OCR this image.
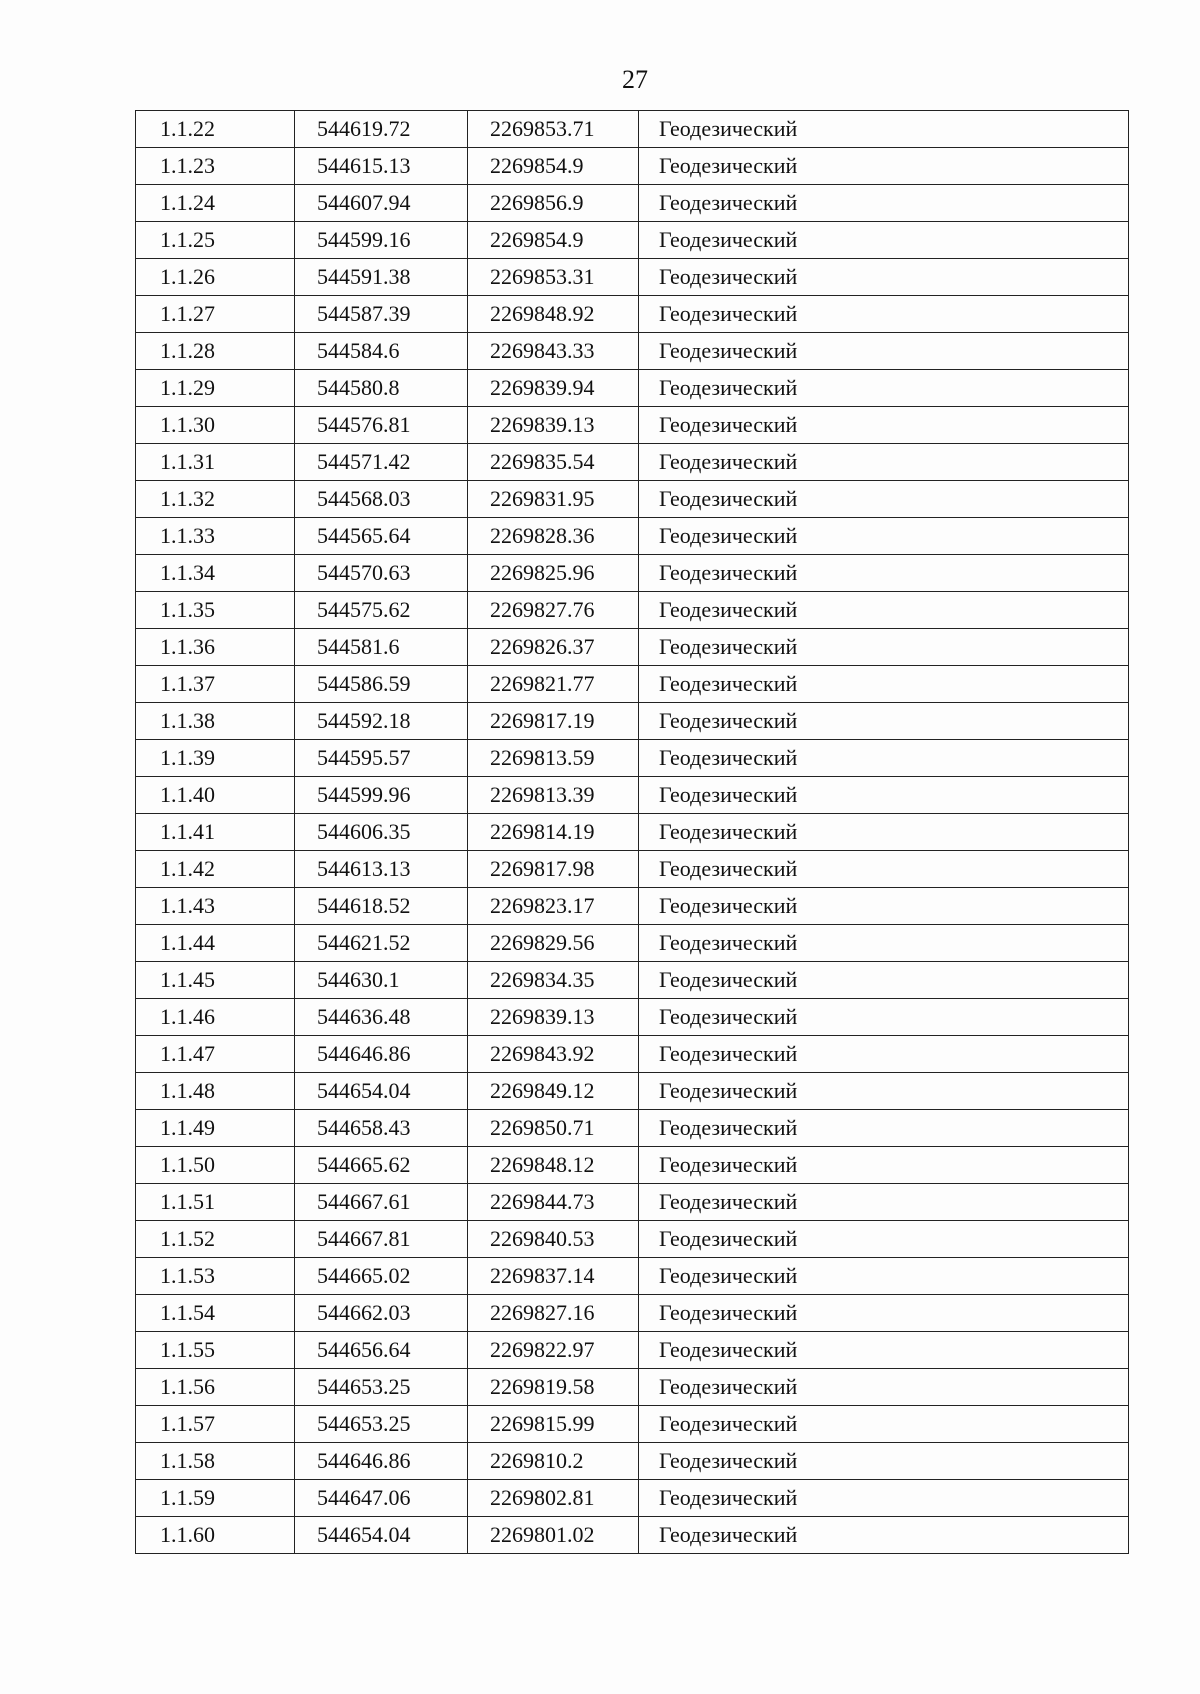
27
1.1.22	544619.72	2269853.71	Геодезический
1.1.23	544615.13	2269854.9	Геодезический
1.1.24	544607.94	2269856.9	Геодезический
1.1.25	544599.16	2269854.9	Геодезический
1.1.26	544591.38	2269853.31	Геодезический
1.1.27	544587.39	2269848.92	Геодезический
1.1.28	544584.6	2269843.33	Геодезический
1.1.29	544580.8	2269839.94	Геодезический
1.1.30	544576.81	2269839.13	Геодезический
1.1.31	544571.42	2269835.54	Геодезический
1.1.32	544568.03	2269831.95	Геодезический
1.1.33	544565.64	2269828.36	Геодезический
1.1.34	544570.63	2269825.96	Геодезический
1.1.35	544575.62	2269827.76	Геодезический
1.1.36	544581.6	2269826.37	Геодезический
1.1.37	544586.59	2269821.77	Геодезический
1.1.38	544592.18	2269817.19	Геодезический
1.1.39	544595.57	2269813.59	Геодезический
1.1.40	544599.96	2269813.39	Геодезический
1.1.41	544606.35	2269814.19	Геодезический
1.1.42	544613.13	2269817.98	Геодезический
1.1.43	544618.52	2269823.17	Геодезический
1.1.44	544621.52	2269829.56	Геодезический
1.1.45	544630.1	2269834.35	Геодезический
1.1.46	544636.48	2269839.13	Геодезический
1.1.47	544646.86	2269843.92	Геодезический
1.1.48	544654.04	2269849.12	Геодезический
1.1.49	544658.43	2269850.71	Геодезический
1.1.50	544665.62	2269848.12	Геодезический
1.1.51	544667.61	2269844.73	Геодезический
1.1.52	544667.81	2269840.53	Геодезический
1.1.53	544665.02	2269837.14	Геодезический
1.1.54	544662.03	2269827.16	Геодезический
1.1.55	544656.64	2269822.97	Геодезический
1.1.56	544653.25	2269819.58	Геодезический
1.1.57	544653.25	2269815.99	Геодезический
1.1.58	544646.86	2269810.2	Геодезический
1.1.59	544647.06	2269802.81	Геодезический
1.1.60	544654.04	2269801.02	Геодезический
